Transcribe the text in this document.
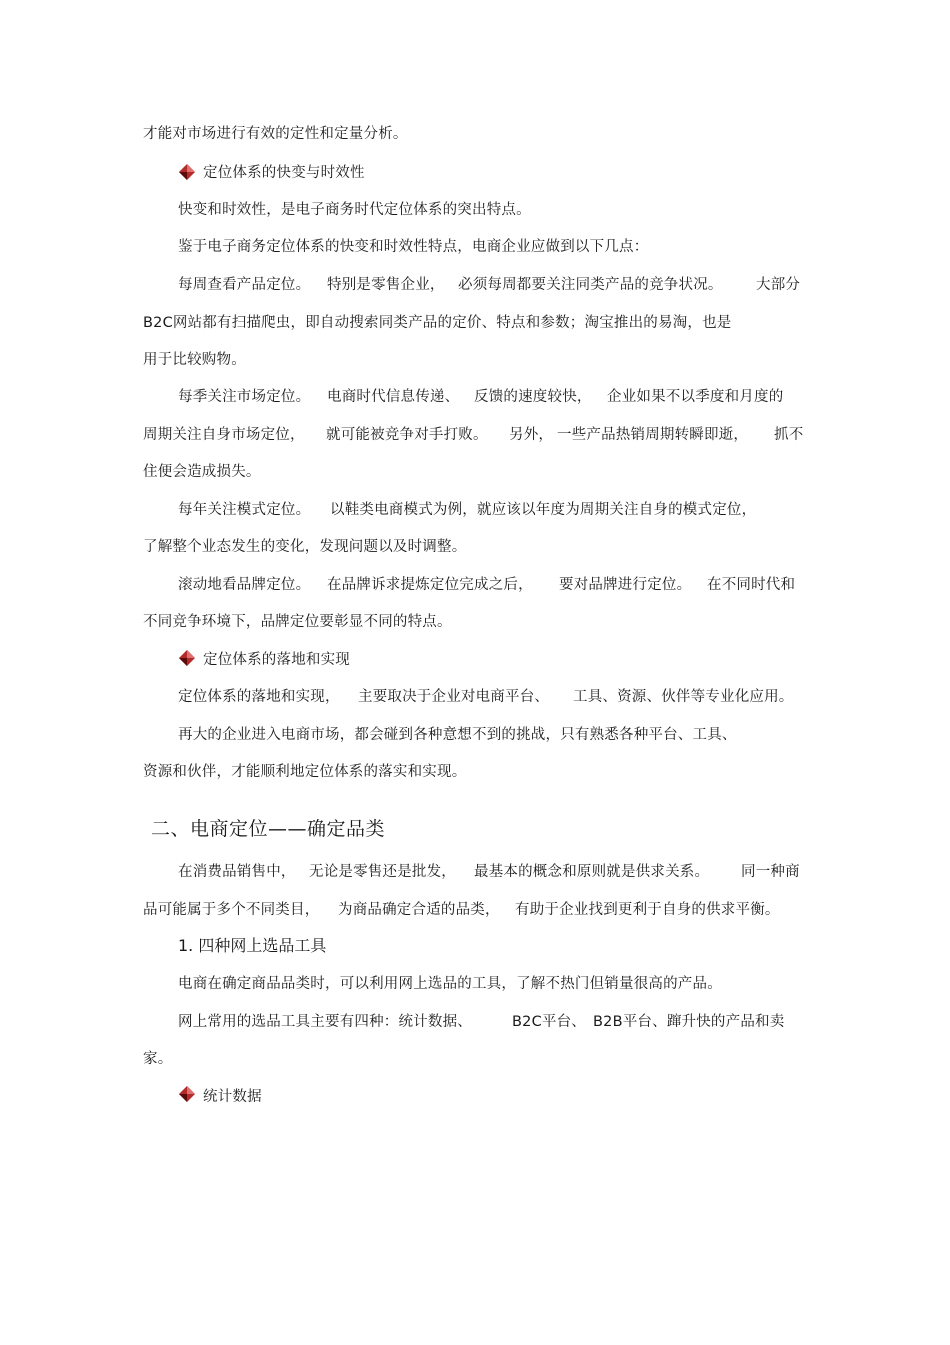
才能对市场进行有效的定性和定量分析。
定位体系的快变与时效性
快变和时效性，是电子商务时代定位体系的突出特点。
鉴于电子商务定位体系的快变和时效性特点，电商企业应做到以下几点：
每周查看产品定位。 特别是零售企业， 必须每周都要关注同类产品的竞争状况。 大部分
B2C网站都有扫描爬虫，即自动搜索同类产品的定价、特点和参数；淘宝推出的易淘，也是
用于比较购物。
每季关注市场定位。 电商时代信息传递、 反馈的速度较快， 企业如果不以季度和月度的
周期关注自身市场定位， 就可能被竞争对手打败。 另外， 一些产品热销周期转瞬即逝， 抓不
住便会造成损失。
每年关注模式定位。 以鞋类电商模式为例，就应该以年度为周期关注自身的模式定位，
了解整个业态发生的变化，发现问题以及时调整。
滚动地看品牌定位。 在品牌诉求提炼定位完成之后， 要对品牌进行定位。 在不同时代和
不同竞争环境下，品牌定位要彰显不同的特点。
定位体系的落地和实现
定位体系的落地和实现， 主要取决于企业对电商平台、 工具、资源、伙伴等专业化应用。
再大的企业进入电商市场，都会碰到各种意想不到的挑战，只有熟悉各种平台、工具、
资源和伙伴，才能顺利地定位体系的落实和实现。
二、电商定位——确定品类
在消费品销售中， 无论是零售还是批发， 最基本的概念和原则就是供求关系。 同一种商
品可能属于多个不同类目， 为商品确定合适的品类， 有助于企业找到更利于自身的供求平衡。
1. 四种网上选品工具
电商在确定商品品类时，可以利用网上选品的工具，了解不热门但销量很高的产品。
网上常用的选品工具主要有四种：统计数据、	B2C平台、 B2B平台、蹿升快的产品和卖
家。
统计数据
